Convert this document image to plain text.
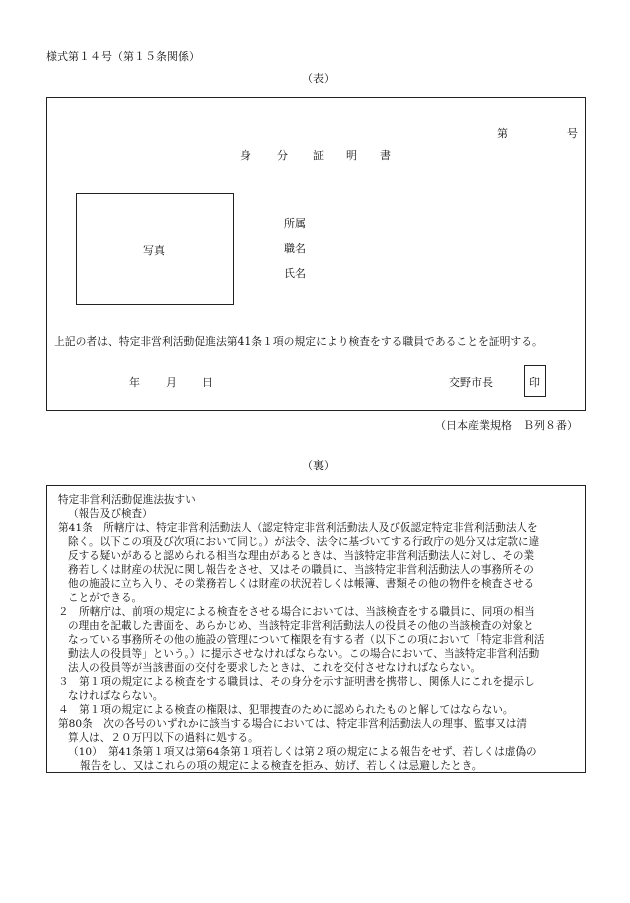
様式第１４号（第１５条関係）
（表）
第	号
身 分 証 明 書
写真
所属
職名
氏名
上記の者は、特定非営利活動促進法第41条１項の規定により検査をする職員であることを証明する。
年 月 日	交野市長	印
（日本産業規格　Ｂ列８番）
（裏）
特定非営利活動促進法抜すい
（報告及び検査）
第41条　所轄庁は、特定非営利活動法人（認定特定非営利活動法人及び仮認定特定非営利活動法人を
除く。以下この項及び次項において同じ。）が法令、法令に基づいてする行政庁の処分又は定款に違
反する疑いがあると認められる相当な理由があるときは、当該特定非営利活動法人に対し、その業
務若しくは財産の状況に関し報告をさせ、又はその職員に、当該特定非営利活動法人の事務所その
他の施設に立ち入り、その業務若しくは財産の状況若しくは帳簿、書類その他の物件を検査させる
ことができる。
２　所轄庁は、前項の規定による検査をさせる場合においては、当該検査をする職員に、同項の相当
の理由を記載した書面を、あらかじめ、当該特定非営利活動法人の役員その他の当該検査の対象と
なっている事務所その他の施設の管理について権限を有する者（以下この項において「特定非営利活
動法人の役員等」という。）に提示させなければならない。この場合において、当該特定非営利活動
法人の役員等が当該書面の交付を要求したときは、これを交付させなければならない。
３　第１項の規定による検査をする職員は、その身分を示す証明書を携帯し、関係人にこれを提示し
なければならない。
４　第１項の規定による検査の権限は、犯罪捜査のために認められたものと解してはならない。
第80条　次の各号のいずれかに該当する場合においては、特定非営利活動法人の理事、監事又は清
算人は、２０万円以下の過料に処する。
（10）　第41条第１項又は第64条第１項若しくは第２項の規定による報告をせず、若しくは虚偽の
報告をし、又はこれらの項の規定による検査を拒み、妨げ、若しくは忌避したとき。
